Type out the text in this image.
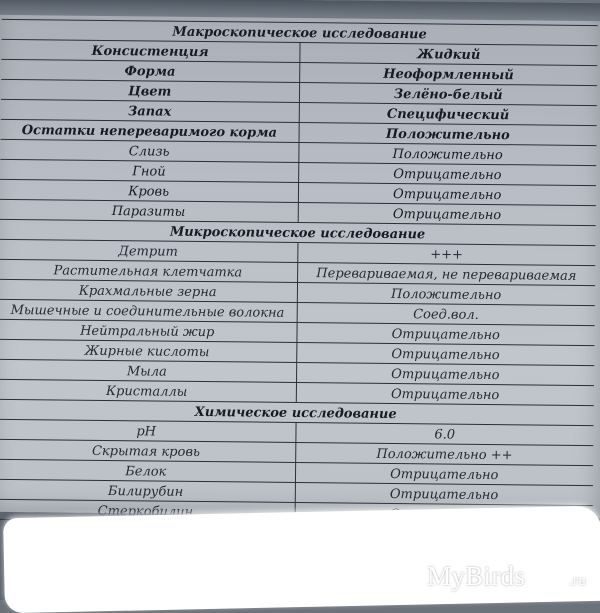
Макроскопическое исследование	
Консистенция	Жидкий
Форма	Неоформленный
Цвет	Зелёно-белый
Запах	Специфический
Остатки непереваримого корма	Положительно
Слизь	Положительно
Гной	Отрицательно
Кровь	Отрицательно
Паразиты	Отрицательно
Микроскопическое исследование	
Детрит	+++
Растительная клетчатка	Перевариваемая, не перевариваемая
Крахмальные зерна	Положительно
Мышечные и соединительные волокна	Соед.вол.
Нейтральный жир	Отрицательно
Жирные кислоты	Отрицательно
Мыла	Отрицательно
Кристаллы	Отрицательно
Химическое исследование	
pH	6.0
Скрытая кровь	Положительно ++
Белок	Отрицательно
Билирубин	Отрицательно
Стеркобилин	
MyBirds	.ru
